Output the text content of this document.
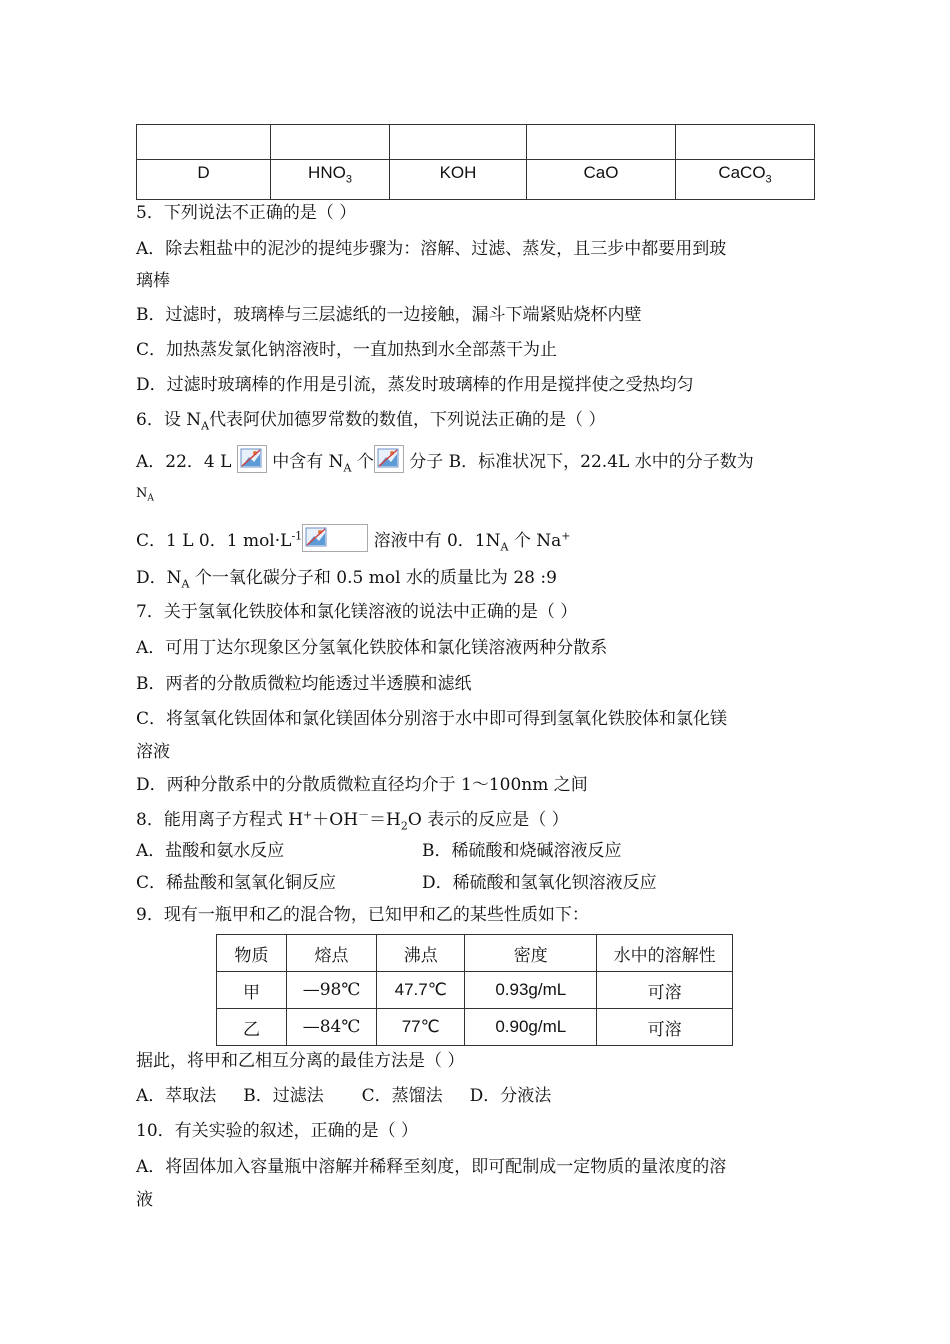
D	$HNO_3$	KOH	CaO	CaCO$_3$
5．下列说法不正确的是（ ）
A．除去粗盐中的泥沙的提纯步骤为：溶解、过滤、蒸发，且三步中都要用到玻
璃棒
B．过滤时，玻璃棒与三层滤纸的一边接触，漏斗下端紧贴烧杯内壁
C．加热蒸发氯化钠溶液时，一直加热到水全部蒸干为止
D．过滤时玻璃棒的作用是引流，蒸发时玻璃棒的作用是搅拌使之受热均匀
6．设 $N_A$代表阿伏加德罗常数的数值，下列说法正确的是（ ）
A．22．4 L
中含有 $N_A$ 个
分子 B．标准状况下，22.4L 水中的分子数为
$N_A$
C．1 L 0．1 $mol\cdot L^{-1}$	溶液中有 0．$1N_A$ 个 Na+
D．$N_A$ 个一氧化碳分子和 0.5 mol 水的质量比为 28 :9
7．关于氢氧化铁胶体和氯化镁溶液的说法中正确的是（ ）
A．可用丁达尔现象区分氢氧化铁胶体和氯化镁溶液两种分散系
B．两者的分散质微粒均能透过半透膜和滤纸
C．将氢氧化铁固体和氯化镁固体分别溶于水中即可得到氢氧化铁胶体和氯化镁
溶液
D．两种分散系中的分散质微粒直径均介于 1～100nm 之间
8．能用离子方程式 $H^++OH^-=H_2O$ 表示的反应是（ ）
A．盐酸和氨水反应	B．稀硫酸和烧碱溶液反应
C．稀盐酸和氢氧化铜反应	D．稀硫酸和氢氧化钡溶液反应
9．现有一瓶甲和乙的混合物，已知甲和乙的某些性质如下：
物质	熔点	沸点	密度	水中的溶解性
甲	—98℃	47.7℃	0.93g/mL	可溶
乙	—84℃	77℃	0.90g/mL	可溶
据此，将甲和乙相互分离的最佳方法是（ ）
A．萃取法     B．过滤法       C．蒸馏法     D．分液法
10．有关实验的叙述，正确的是（ ）
A．将固体加入容量瓶中溶解并稀释至刻度，即可配制成一定物质的量浓度的溶
液
